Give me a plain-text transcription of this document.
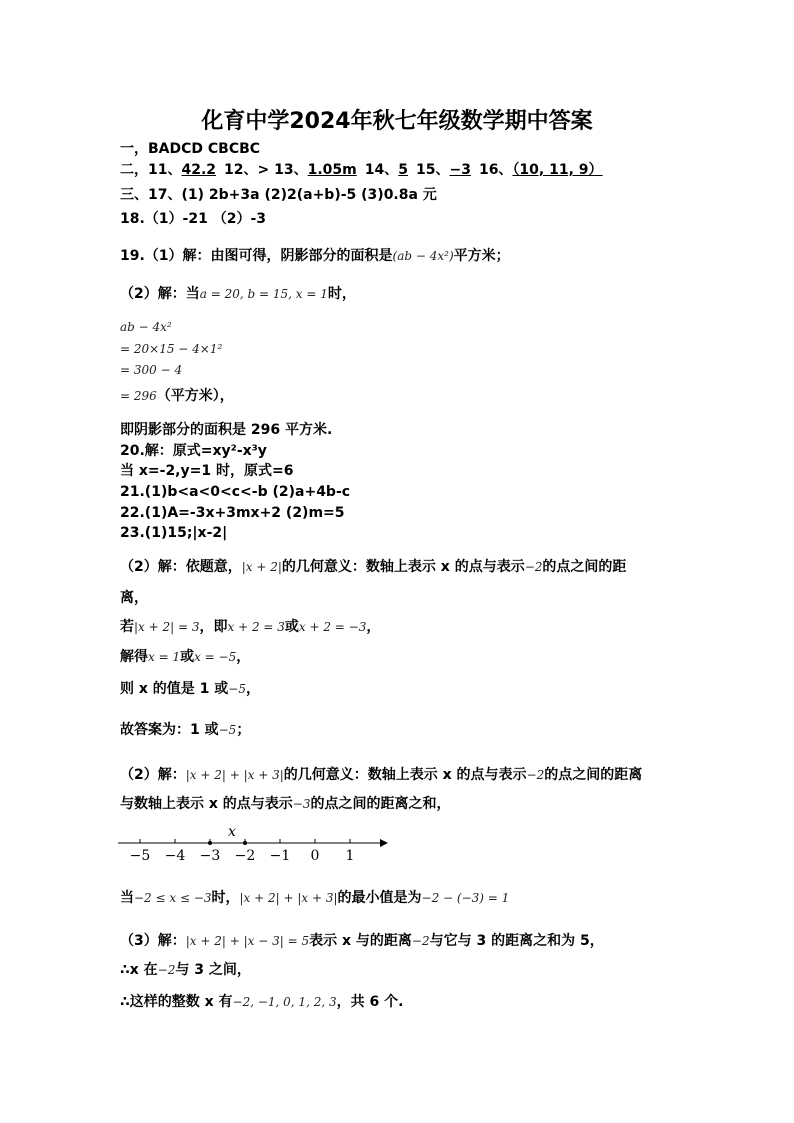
化育中学2024年秋七年级数学期中答案
一，BADCD CBCBC
二，11、42.2 12、> 13、1.05m 14、5 15、−3 16、（10, 11, 9）
三、17、(1) 2b+3a (2)2(a+b)-5 (3)0.8a 元
18.（1）-21 （2）-3
19.（1）解：由图可得，阴影部分的面积是(ab − 4x²)平方米；
（2）解：当a = 20, b = 15, x = 1时，
ab − 4x²
= 20×15 − 4×1²
= 300 − 4
= 296（平方米），
即阴影部分的面积是 296 平方米.
20.解：原式=xy²-x³y
当 x=-2,y=1 时，原式=6
21.(1)b<a<0<c<-b (2)a+4b-c
22.(1)A=-3x+3mx+2 (2)m=5
23.(1)15;|x-2|
（2）解：依题意，|x + 2|的几何意义：数轴上表示 x 的点与表示−2的点之间的距
离，
若|x + 2| = 3，即x + 2 = 3或x + 2 = −3，
解得x = 1或x = −5，
则 x 的值是 1 或−5，
故答案为：1 或−5；
（2）解：|x + 2| + |x + 3|的几何意义：数轴上表示 x 的点与表示−2的点之间的距离
与数轴上表示 x 的点与表示−3的点之间的距离之和，
x
−5 −4 −3 −2 −1 0 1
当−2 ≤ x ≤ −3时，|x + 2| + |x + 3|的最小值是为−2 − (−3) = 1
（3）解：|x + 2| + |x − 3| = 5表示 x 与的距离−2与它与 3 的距离之和为 5，
∴x 在−2与 3 之间，
∴这样的整数 x 有−2, −1, 0, 1, 2, 3，共 6 个.
